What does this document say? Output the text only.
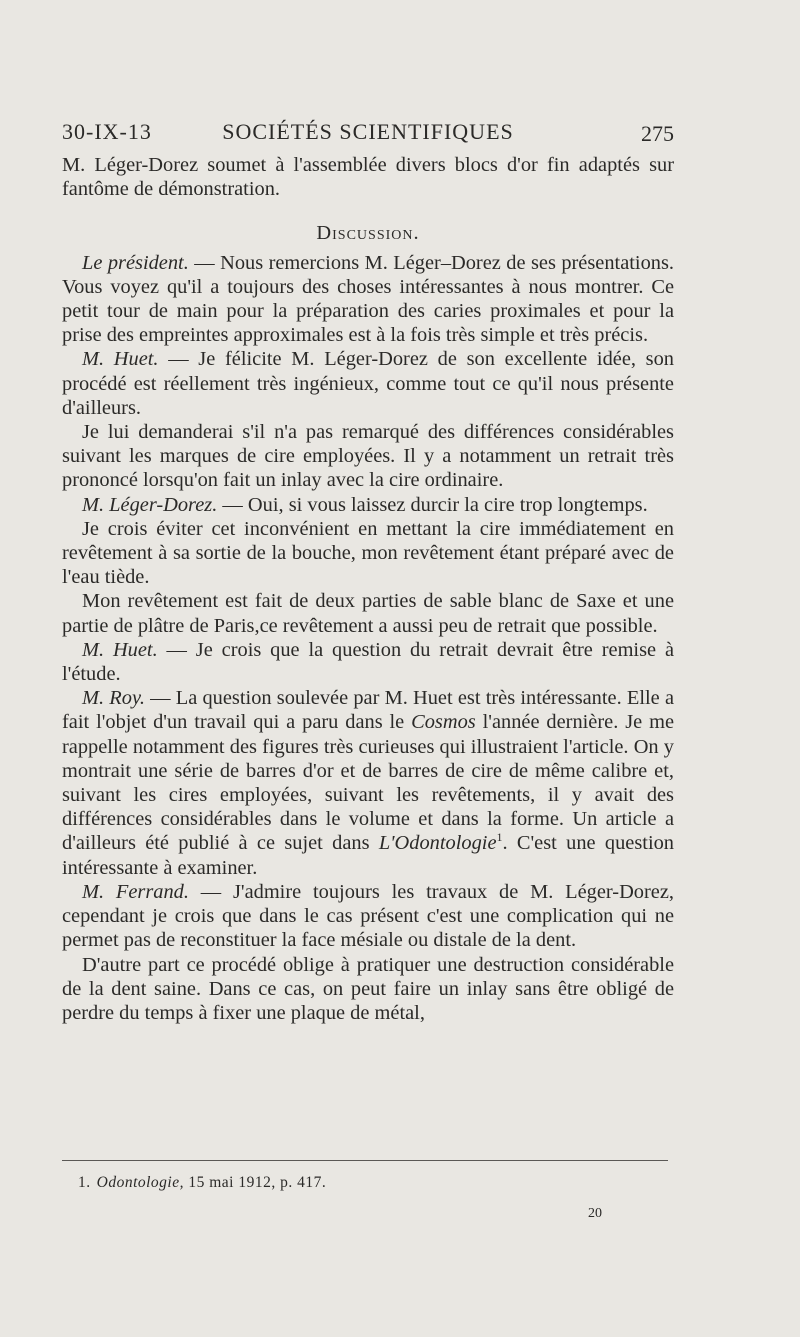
30-IX-13	SOCIÉTÉS SCIENTIFIQUES	275

M. Léger-Dorez soumet à l'assemblée divers blocs d'or fin adaptés sur fantôme de démonstration.

Discussion.

Le président. — Nous remercions M. Léger–Dorez de ses présentations. Vous voyez qu'il a toujours des choses intéressantes à nous montrer. Ce petit tour de main pour la préparation des caries proximales et pour la prise des empreintes approximales est à la fois très simple et très précis.

M. Huet. — Je félicite M. Léger-Dorez de son excellente idée, son procédé est réellement très ingénieux, comme tout ce qu'il nous présente d'ailleurs.

Je lui demanderai s'il n'a pas remarqué des différences considérables suivant les marques de cire employées. Il y a notamment un retrait très prononcé lorsqu'on fait un inlay avec la cire ordinaire.

M. Léger-Dorez. — Oui, si vous laissez durcir la cire trop longtemps.

Je crois éviter cet inconvénient en mettant la cire immédiatement en revêtement à sa sortie de la bouche, mon revêtement étant préparé avec de l'eau tiède.

Mon revêtement est fait de deux parties de sable blanc de Saxe et une partie de plâtre de Paris,ce revêtement a aussi peu de retrait que possible.

M. Huet. — Je crois que la question du retrait devrait être remise à l'étude.

M. Roy. — La question soulevée par M. Huet est très intéressante. Elle a fait l'objet d'un travail qui a paru dans le Cosmos l'année dernière. Je me rappelle notamment des figures très curieuses qui illustraient l'article. On y montrait une série de barres d'or et de barres de cire de même calibre et, suivant les cires employées, suivant les revêtements, il y avait des différences considérables dans le volume et dans la forme. Un article a d'ailleurs été publié à ce sujet dans L'Odontologie$^1$. C'est une question intéressante à examiner.

M. Ferrand. — J'admire toujours les travaux de M. Léger-Dorez, cependant je crois que dans le cas présent c'est une complication qui ne permet pas de reconstituer la face mésiale ou distale de la dent.

D'autre part ce procédé oblige à pratiquer une destruction considérable de la dent saine. Dans ce cas, on peut faire un inlay sans être obligé de perdre du temps à fixer une plaque de métal,

1. Odontologie, 15 mai 1912, p. 417.
20
